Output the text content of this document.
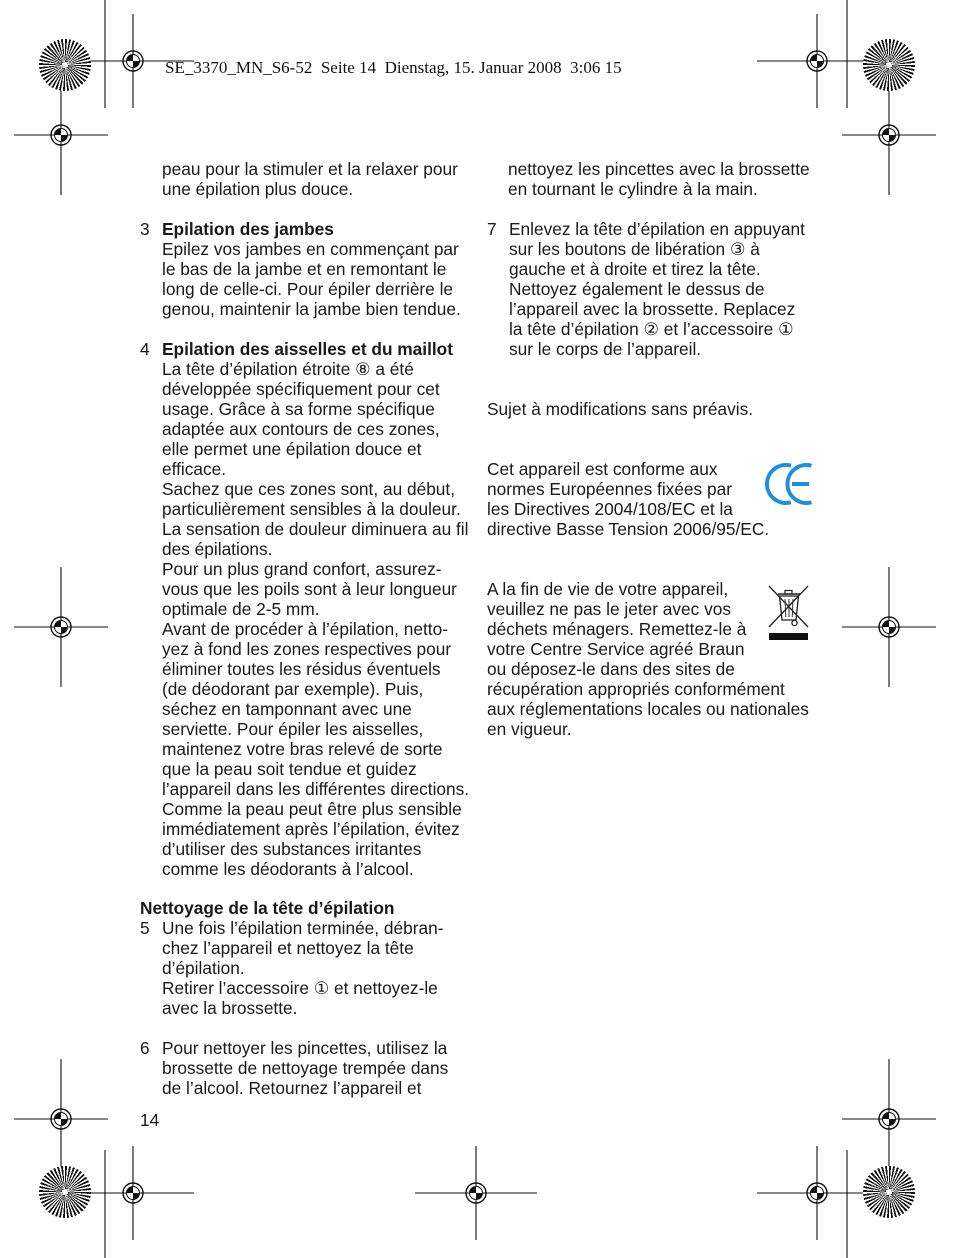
SE_3370_MN_S6-52  Seite 14  Dienstag, 15. Januar 2008  3:06 15
peau pour la stimuler et la relaxer pour
une épilation plus douce.
3 Epilation des jambes
Epilez vos jambes en commençant par
le bas de la jambe et en remontant le
long de celle-ci. Pour épiler derrière le
genou, maintenir la jambe bien tendue.
4 Epilation des aisselles et du maillot
La tête d’épilation étroite ⑧ a été
développée spécifiquement pour cet
usage. Grâce à sa forme spécifique
adaptée aux contours de ces zones,
elle permet une épilation douce et
efficace.
Sachez que ces zones sont, au début,
particulièrement sensibles à la douleur.
La sensation de douleur diminuera au fil
des épilations.
Pour un plus grand confort, assurez-
vous que les poils sont à leur longueur
optimale de 2-5 mm.
Avant de procéder à l’épilation, netto-
yez à fond les zones respectives pour
éliminer toutes les résidus éventuels
(de déodorant par exemple). Puis,
séchez en tamponnant avec une
serviette. Pour épiler les aisselles,
maintenez votre bras relevé de sorte
que la peau soit tendue et guidez
l’appareil dans les différentes directions.
Comme la peau peut être plus sensible
immédiatement après l’épilation, évitez
d’utiliser des substances irritantes
comme les déodorants à l’alcool.
Nettoyage de la tête d’épilation
5 Une fois l’épilation terminée, débran-
chez l’appareil et nettoyez la tête
d’épilation.
Retirer l’accessoire ① et nettoyez-le
avec la brossette.
6 Pour nettoyer les pincettes, utilisez la
brossette de nettoyage trempée dans
de l’alcool. Retournez l’appareil et
14
nettoyez les pincettes avec la brossette
en tournant le cylindre à la main.
7 Enlevez la tête d’épilation en appuyant
sur les boutons de libération ③ à
gauche et à droite et tirez la tête.
Nettoyez également le dessus de
l’appareil avec la brossette. Replacez
la tête d’épilation ② et l’accessoire ①
sur le corps de l’appareil.
Sujet à modifications sans préavis.
Cet appareil est conforme aux
normes Européennes fixées par
les Directives 2004/108/EC et la
directive Basse Tension 2006/95/EC.
A la fin de vie de votre appareil,
veuillez ne pas le jeter avec vos
déchets ménagers. Remettez-le à
votre Centre Service agréé Braun
ou déposez-le dans des sites de
récupération appropriés conformément
aux réglementations locales ou nationales
en vigueur.
